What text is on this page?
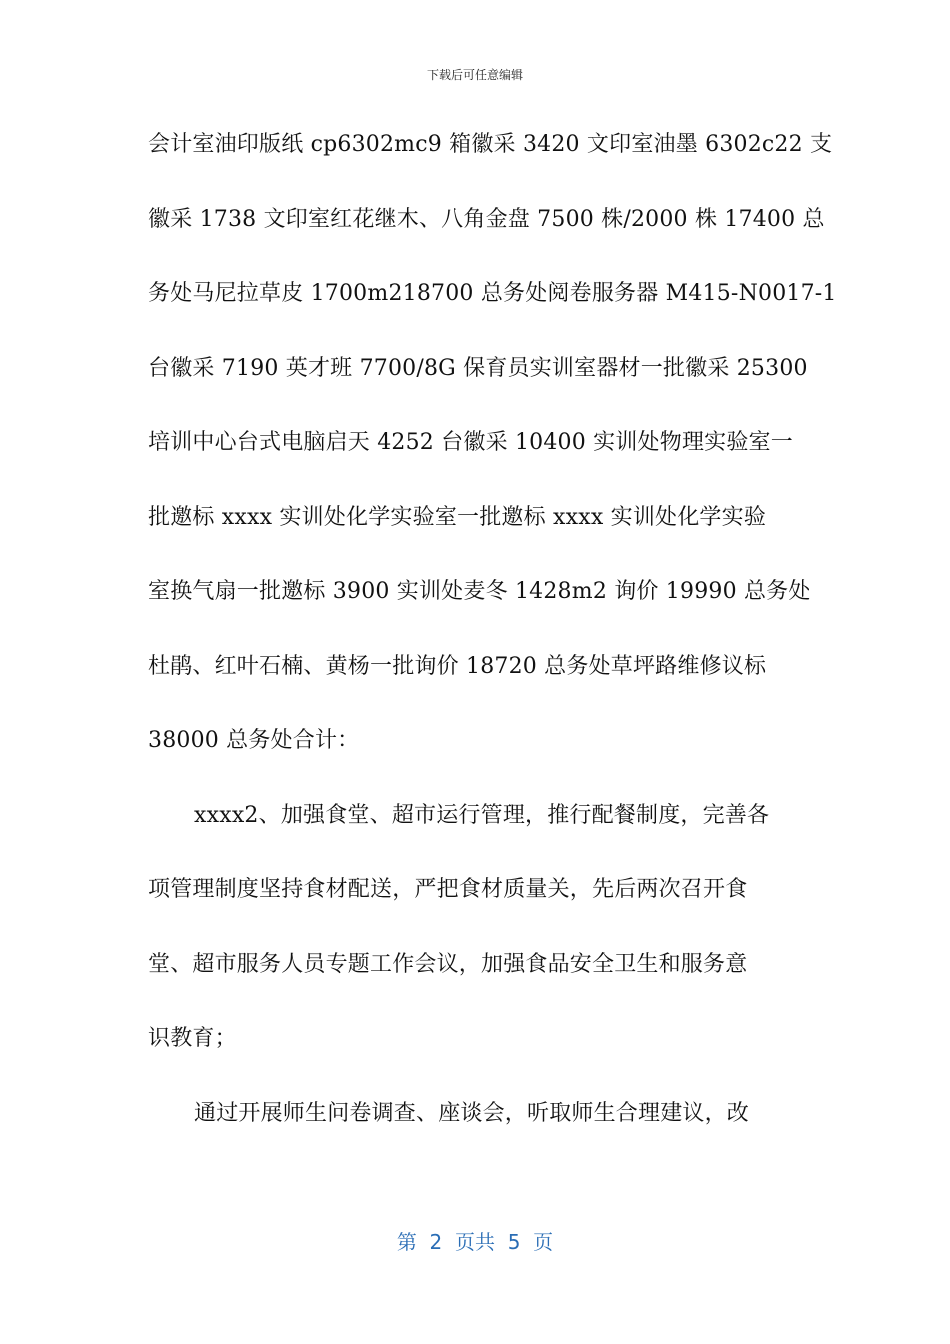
下载后可任意编辑
会计室油印版纸 cp6302mc9 箱徽采 3420 文印室油墨 6302c22 支
徽采 1738 文印室红花继木、八角金盘 7500 株/2000 株 17400 总
务处马尼拉草皮 1700m218700 总务处阅卷服务器 M415-N0017-1
台徽采 7190 英才班 7700/8G 保育员实训室器材一批徽采 25300
培训中心台式电脑启天 4252 台徽采 10400 实训处物理实验室一
批邀标 xxxx 实训处化学实验室一批邀标 xxxx 实训处化学实验
室换气扇一批邀标 3900 实训处麦冬 1428m2 询价 19990 总务处
杜鹃、红叶石楠、黄杨一批询价 18720 总务处草坪路维修议标
38000 总务处合计：
xxxx2、加强食堂、超市运行管理，推行配餐制度，完善各
项管理制度坚持食材配送，严把食材质量关，先后两次召开食
堂、超市服务人员专题工作会议，加强食品安全卫生和服务意
识教育；
通过开展师生问卷调查、座谈会，听取师生合理建议，改
第  2  页共  5  页
